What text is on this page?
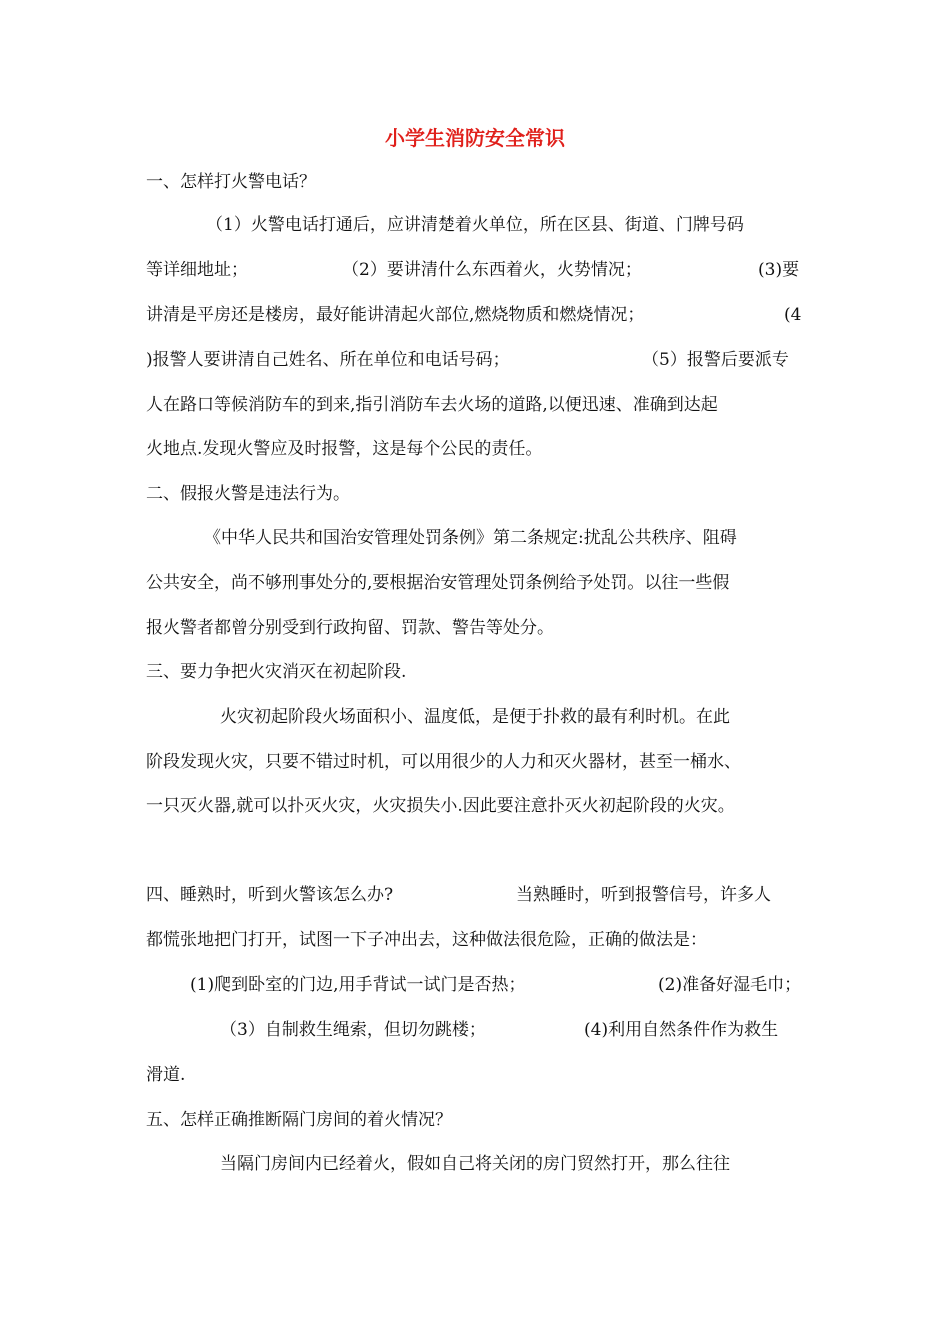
小学生消防安全常识
一、怎样打火警电话？
（1）火警电话打通后，应讲清楚着火单位，所在区县、街道、门牌号码
等详细地址；	（2）要讲清什么东西着火，火势情况；	(3)要
讲清是平房还是楼房，最好能讲清起火部位,燃烧物质和燃烧情况；	(4
)报警人要讲清自己姓名、所在单位和电话号码；	（5）报警后要派专
人在路口等候消防车的到来,指引消防车去火场的道路,以便迅速、准确到达起
火地点.发现火警应及时报警，这是每个公民的责任。
二、假报火警是违法行为。
《中华人民共和国治安管理处罚条例》第二条规定:扰乱公共秩序、阻碍
公共安全，尚不够刑事处分的,要根据治安管理处罚条例给予处罚。以往一些假
报火警者都曾分别受到行政拘留、罚款、警告等处分。
三、要力争把火灾消灭在初起阶段.
火灾初起阶段火场面积小、温度低，是便于扑救的最有利时机。在此
阶段发现火灾，只要不错过时机，可以用很少的人力和灭火器材，甚至一桶水、
一只灭火器,就可以扑灭火灾，火灾损失小.因此要注意扑灭火初起阶段的火灾。
四、睡熟时，听到火警该怎么办?	当熟睡时，听到报警信号，许多人
都慌张地把门打开，试图一下子冲出去，这种做法很危险，正确的做法是：
(1)爬到卧室的门边,用手背试一试门是否热；	(2)准备好湿毛巾；
（3）自制救生绳索，但切勿跳楼；	(4)利用自然条件作为救生
滑道.
五、怎样正确推断隔门房间的着火情况？
当隔门房间内已经着火，假如自己将关闭的房门贸然打开，那么往往
